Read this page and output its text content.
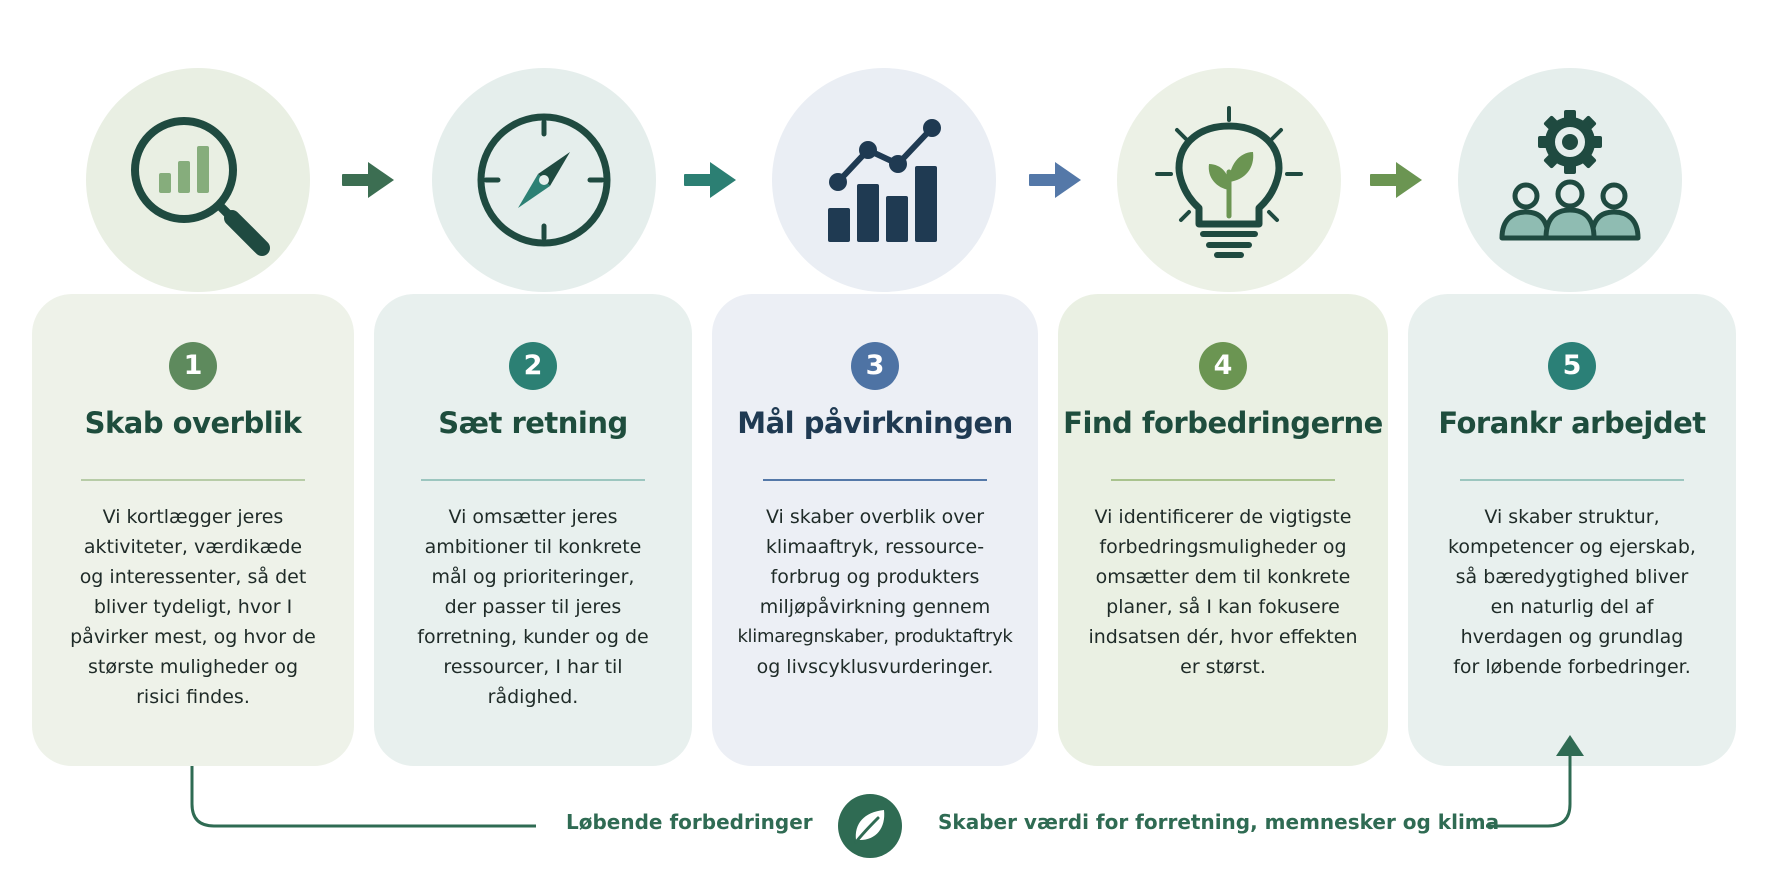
1
Skab overblik
Vi kortlægger jeres
aktiviteter, værdikæde
og interessenter, så det
bliver tydeligt, hvor I
påvirker mest, og hvor de
største muligheder og
risici findes.
2
Sæt retning
Vi omsætter jeres
ambitioner til konkrete
mål og prioriteringer,
der passer til jeres
forretning, kunder og de
ressourcer, I har til
rådighed.
3
Mål påvirkningen
Vi skaber overblik over
klimaaftryk, ressource-
forbrug og produkters
miljøpåvirkning gennem
klimaregnskaber, produktaftryk
og livscyklusvurderinger.
4
Find forbedringerne
Vi identificerer de vigtigste
forbedringsmuligheder og
omsætter dem til konkrete
planer, så I kan fokusere
indsatsen dér, hvor effekten
er størst.
5
Forankr arbejdet
Vi skaber struktur,
kompetencer og ejerskab,
så bæredygtighed bliver
en naturlig del af
hverdagen og grundlag
for løbende forbedringer.
Løbende forbedringer	Skaber værdi for forretning, memnesker og klima
